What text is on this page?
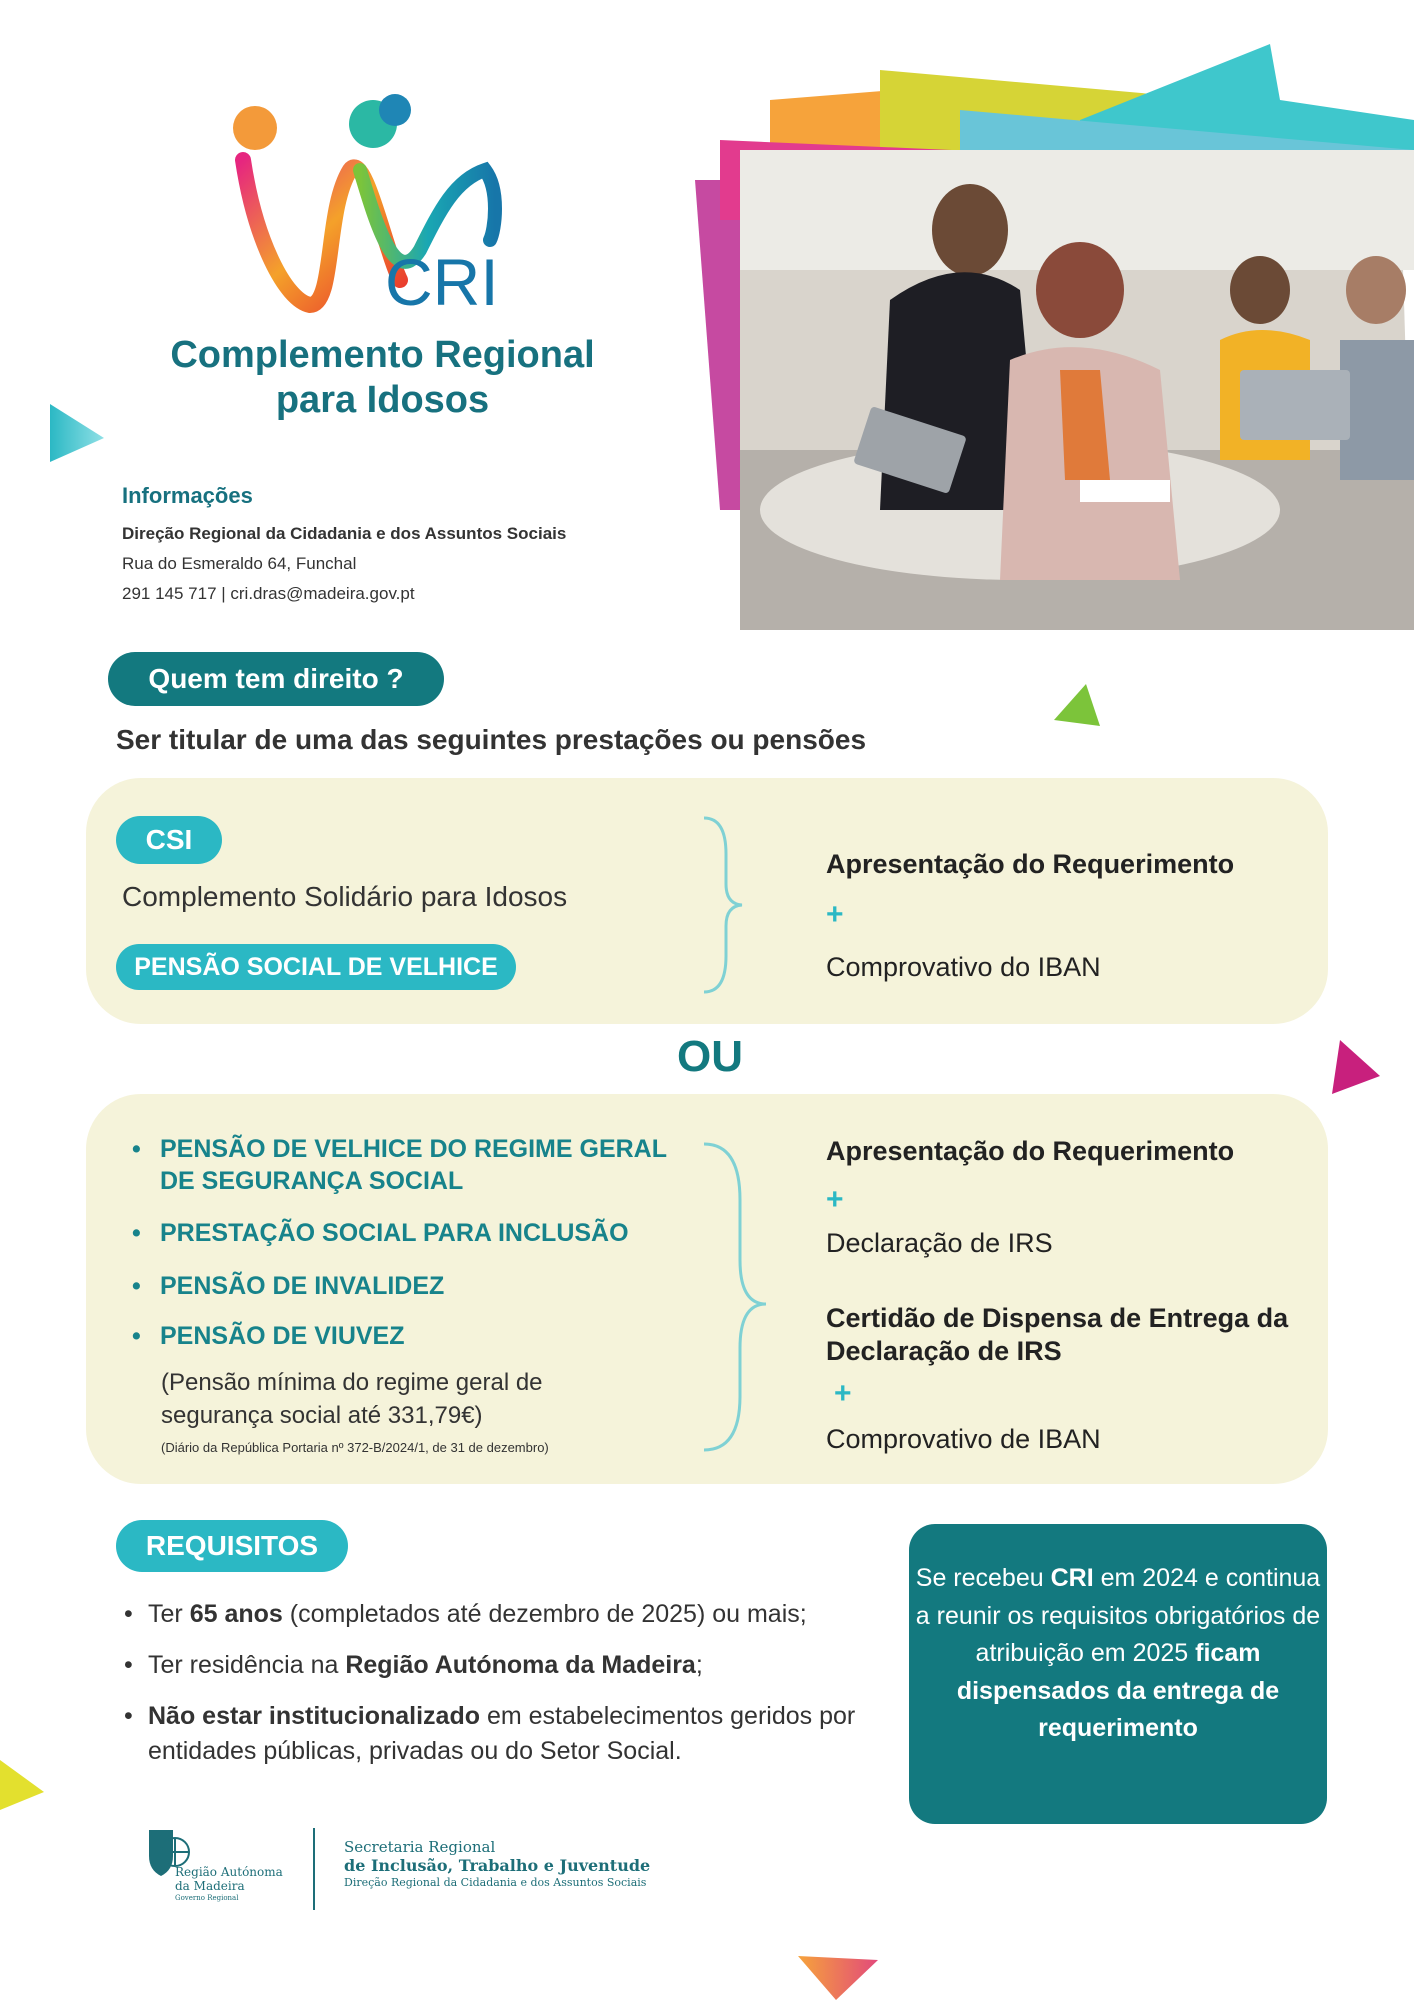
CRI
Complemento Regional
para Idosos
Informações
Direção Regional da Cidadania e dos Assuntos Sociais
Rua do Esmeraldo 64, Funchal
291 145 717 | cri.dras@madeira.gov.pt
Quem tem direito ?
Ser titular de uma das seguintes prestações ou pensões
CSI
Complemento Solidário para Idosos
PENSÃO SOCIAL DE VELHICE
Apresentação do Requerimento
+
Comprovativo do IBAN
OU
• PENSÃO DE VELHICE DO REGIME GERAL DE SEGURANÇA SOCIAL
• PRESTAÇÃO SOCIAL PARA INCLUSÃO
• PENSÃO DE INVALIDEZ
• PENSÃO DE VIUVEZ
(Pensão mínima do regime geral de segurança social até 331,79€)
(Diário da República Portaria nº 372-B/2024/1, de 31 de dezembro)
Apresentação do Requerimento
+
Declaração de IRS
Certidão de Dispensa de Entrega da Declaração de IRS
+
Comprovativo de IBAN
REQUISITOS
• Ter 65 anos (completados até dezembro de 2025) ou mais;
• Ter residência na Região Autónoma da Madeira;
• Não estar institucionalizado em estabelecimentos geridos por entidades públicas, privadas ou do Setor Social.
Se recebeu CRI em 2024 e continua a reunir os requisitos obrigatórios de atribuição em 2025 ficam dispensados da entrega de requerimento
Região Autónoma
da Madeira
Governo Regional
Secretaria Regional
de Inclusão, Trabalho e Juventude
Direção Regional da Cidadania e dos Assuntos Sociais
